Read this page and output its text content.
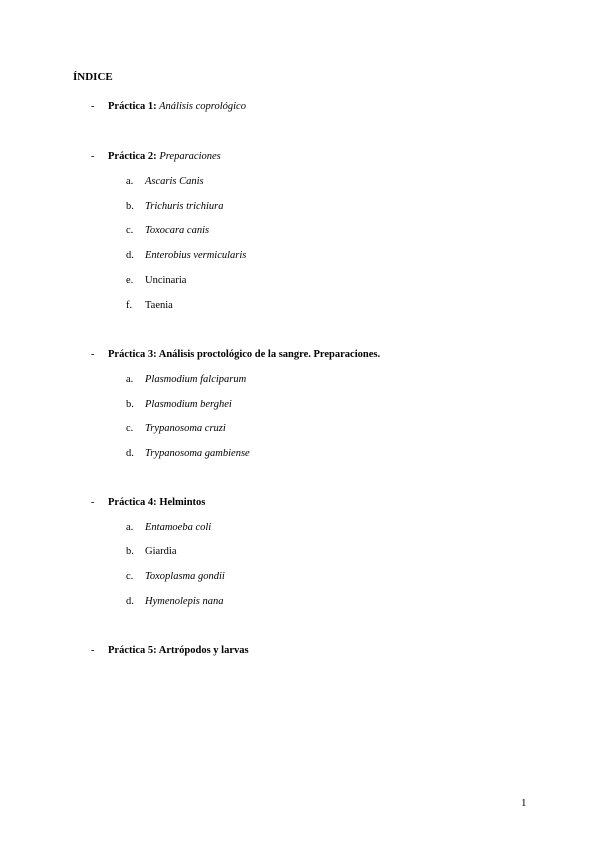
ÍNDICE
- Práctica 1: Análisis coprológico
- Práctica 2: Preparaciones
a. Ascaris Canis
b. Trichuris trichiura
c. Toxocara canis
d. Enterobius vermicularis
e. Uncinaria
f. Taenia
- Práctica 3: Análisis proctológico de la sangre. Preparaciones.
a. Plasmodium falciparum
b. Plasmodium berghei
c. Trypanosoma cruzi
d. Trypanosoma gambiense
- Práctica 4: Helmintos
a. Entamoeba coli
b. Giardia
c. Toxoplasma gondii
d. Hymenolepis nana
- Práctica 5: Artrópodos y larvas
1
